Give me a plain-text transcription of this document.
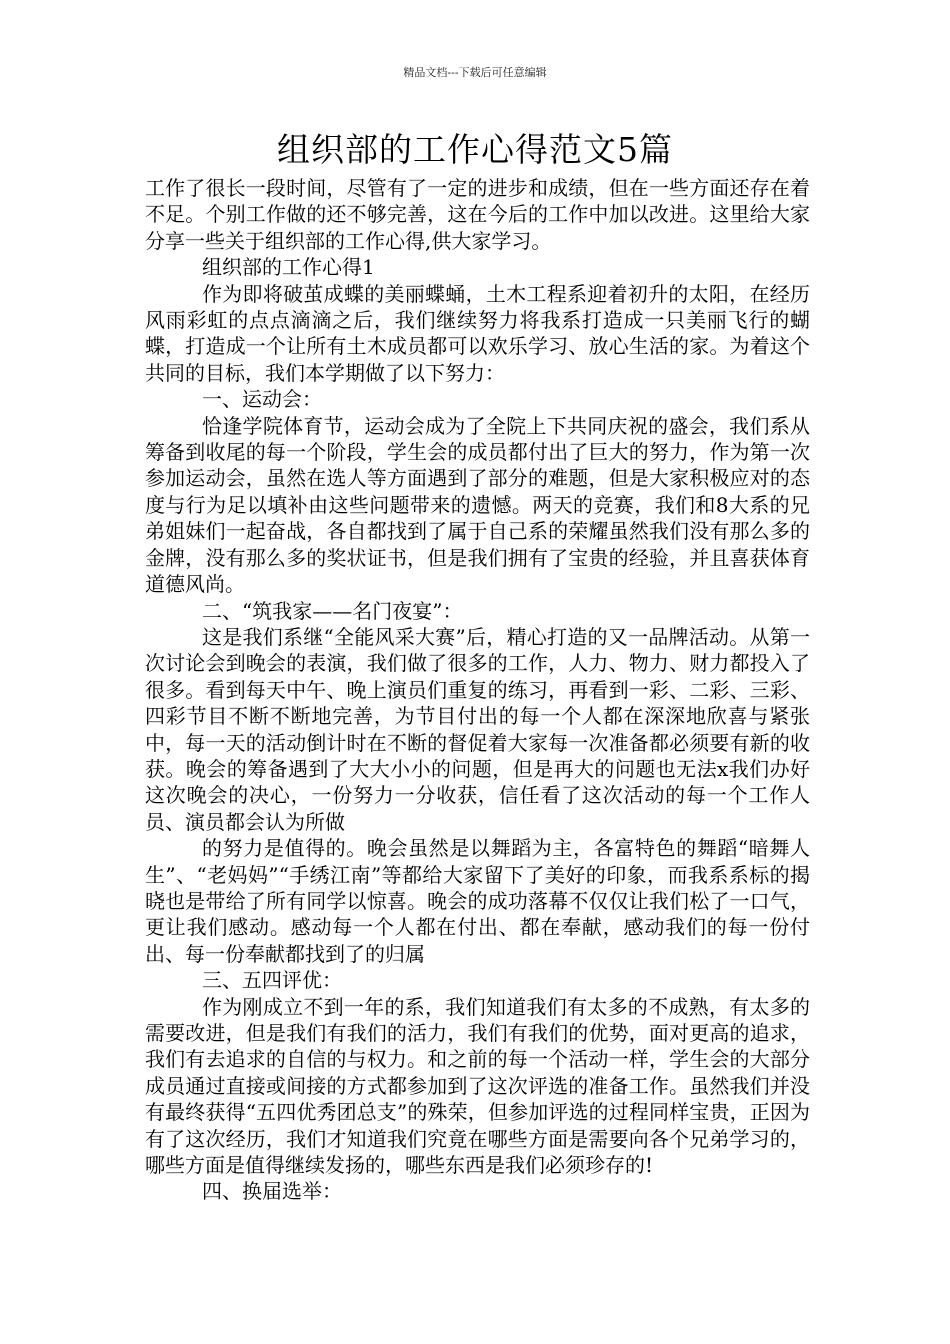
精品文档---下载后可任意编辑
组织部的工作心得范文5篇

工作了很长一段时间，尽管有了一定的进步和成绩，但在一些方面还存在着不足。个别工作做的还不够完善，这在今后的工作中加以改进。这里给大家分享一些关于组织部的工作心得,供大家学习。

组织部的工作心得1

作为即将破茧成蝶的美丽蝶蛹，土木工程系迎着初升的太阳，在经历风雨彩虹的点点滴滴之后，我们继续努力将我系打造成一只美丽飞行的蝴蝶，打造成一个让所有土木成员都可以欢乐学习、放心生活的家。为着这个共同的目标，我们本学期做了以下努力：

一、运动会：

恰逢学院体育节，运动会成为了全院上下共同庆祝的盛会，我们系从筹备到收尾的每一个阶段，学生会的成员都付出了巨大的努力，作为第一次参加运动会，虽然在选人等方面遇到了部分的难题，但是大家积极应对的态度与行为足以填补由这些问题带来的遗憾。两天的竞赛，我们和8大系的兄弟姐妹们一起奋战，各自都找到了属于自己系的荣耀虽然我们没有那么多的金牌，没有那么多的奖状证书，但是我们拥有了宝贵的经验，并且喜获体育道德风尚。

二、“筑我家——名门夜宴”：

这是我们系继“全能风采大赛”后，精心打造的又一品牌活动。从第一次讨论会到晚会的表演，我们做了很多的工作，人力、物力、财力都投入了很多。看到每天中午、晚上演员们重复的练习，再看到一彩、二彩、三彩、四彩节目不断不断地完善，为节目付出的每一个人都在深深地欣喜与紧张中，每一天的活动倒计时在不断的督促着大家每一次准备都必须要有新的收获。晚会的筹备遇到了大大小小的问题，但是再大的问题也无法x我们办好这次晚会的决心，一份努力一分收获，信任看了这次活动的每一个工作人员、演员都会认为所做

的努力是值得的。晚会虽然是以舞蹈为主，各富特色的舞蹈“暗舞人生”、“老妈妈”“手绣江南”等都给大家留下了美好的印象，而我系系标的揭晓也是带给了所有同学以惊喜。晚会的成功落幕不仅仅让我们松了一口气，更让我们感动。感动每一个人都在付出、都在奉献，感动我们的每一份付出、每一份奉献都找到了的归属

三、五四评优：

作为刚成立不到一年的系，我们知道我们有太多的不成熟，有太多的需要改进，但是我们有我们的活力，我们有我们的优势，面对更高的追求，我们有去追求的自信的与权力。和之前的每一个活动一样，学生会的大部分成员通过直接或间接的方式都参加到了这次评选的准备工作。虽然我们并没有最终获得“五四优秀团总支”的殊荣，但参加评选的过程同样宝贵，正因为有了这次经历，我们才知道我们究竟在哪些方面是需要向各个兄弟学习的，哪些方面是值得继续发扬的，哪些东西是我们必须珍存的!

四、换届选举：
